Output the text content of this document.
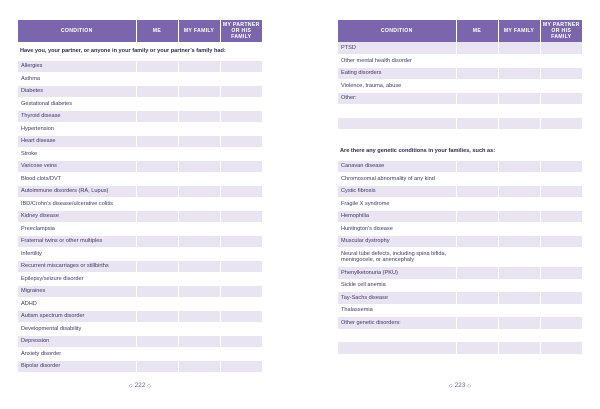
CONDITION	ME	MY FAMILY	MY PARTNER OR HIS FAMILY
Have you, your partner, or anyone in your family or your partner’s family had:			
Allergies			
Asthma			
Diabetes			
Gestational diabetes			
Thyroid disease			
Hypertension			
Heart disease			
Stroke			
Varicose veins			
Blood clots/DVT			
Autoimmune disorders (RA, Lupus)			
IBD/Crohn’s disease/ulcerative colitis			
Kidney disease			
Preeclampsia			
Fraternal twins or other multiples			
Infertility			
Recurrent miscarriages or stillbirths			
Epilepsy/seizure disorder			
Migraines			
ADHD			
Autism spectrum disorder			
Developmental disability			
Depression			
Anxiety disorder			
Bipolar disorder			
CONDITION	ME	MY FAMILY	MY PARTNER OR HIS FAMILY
PTSD			
Other mental health disorder			
Eating disorders			
Violence, trauma, abuse			
Other:			

Are there any genetic conditions in your families, such as:			
Canavan disease			
Chromosomal abnormality of any kind			
Cystic fibrosis			
Fragile X syndrome			
Hemophilia			
Huntington’s disease			
Muscular dystrophy			
Neural tube defects, including spina bifida, meningocele, or anencephaly			
Phenylketonuria (PKU)			
Sickle cell anemia			
Tay-Sachs disease			
Thalassemia			
Other genetic disorders:			

◇ 222 ◇	◇ 223 ◇
